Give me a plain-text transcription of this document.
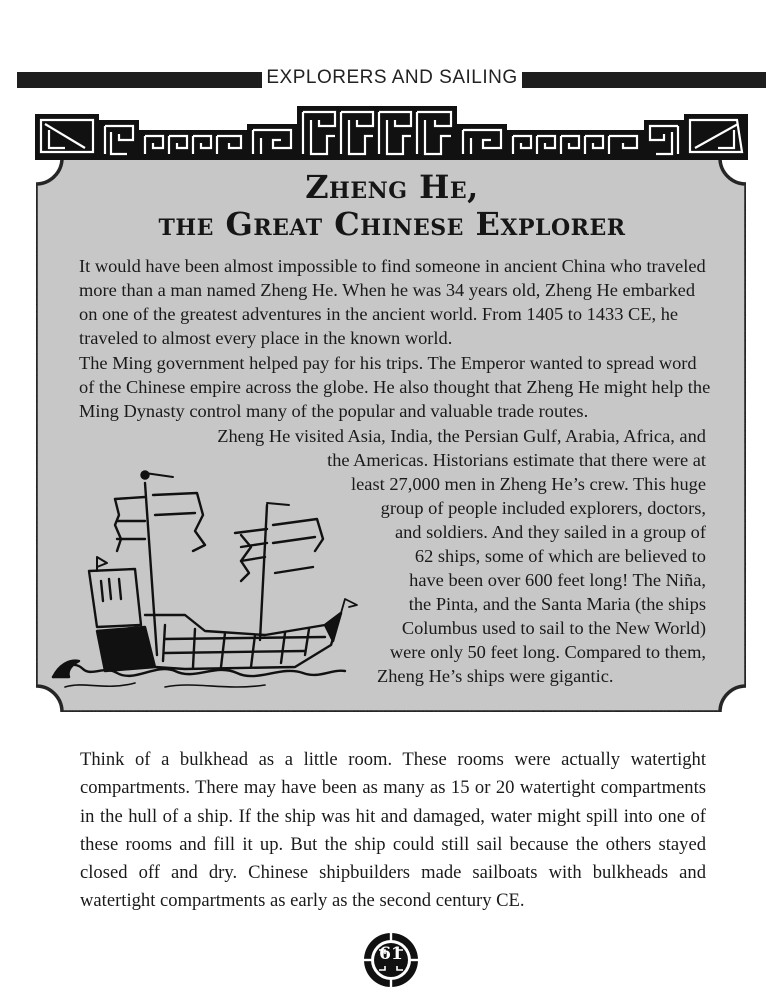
EXPLORERS AND SAILING
Zheng He,
the Great Chinese Explorer

It would have been almost impossible to find someone in ancient China who traveled more than a man named Zheng He. When he was 34 years old, Zheng He embarked on one of the greatest adventures in the ancient world. From 1405 to 1433 CE, he traveled to almost every place in the known world.

The Ming government helped pay for his trips. The Emperor wanted to spread word of the Chinese empire across the globe. He also thought that Zheng He might help the Ming Dynasty control many of the popular and valuable trade routes.

Zheng He visited Asia, India, the Persian Gulf, Arabia, Africa, and
the Americas. Historians estimate that there were at
least 27,000 men in Zheng He’s crew. This huge
group of people included explorers, doctors,
and soldiers. And they sailed in a group of
62 ships, some of which are believed to
have been over 600 feet long! The Niña,
the Pinta, and the Santa Maria (the ships
Columbus used to sail to the New World)
were only 50 feet long. Compared to them,
Zheng He’s ships were gigantic.

Think of a bulkhead as a little room. These rooms were actually watertight compartments. There may have been as many as 15 or 20 watertight compartments in the hull of a ship. If the ship was hit and damaged, water might spill into one of these rooms and fill it up. But the ship could still sail because the others stayed closed off and dry. Chinese shipbuilders made sailboats with bulkheads and watertight compartments as early as the second century CE.

61
